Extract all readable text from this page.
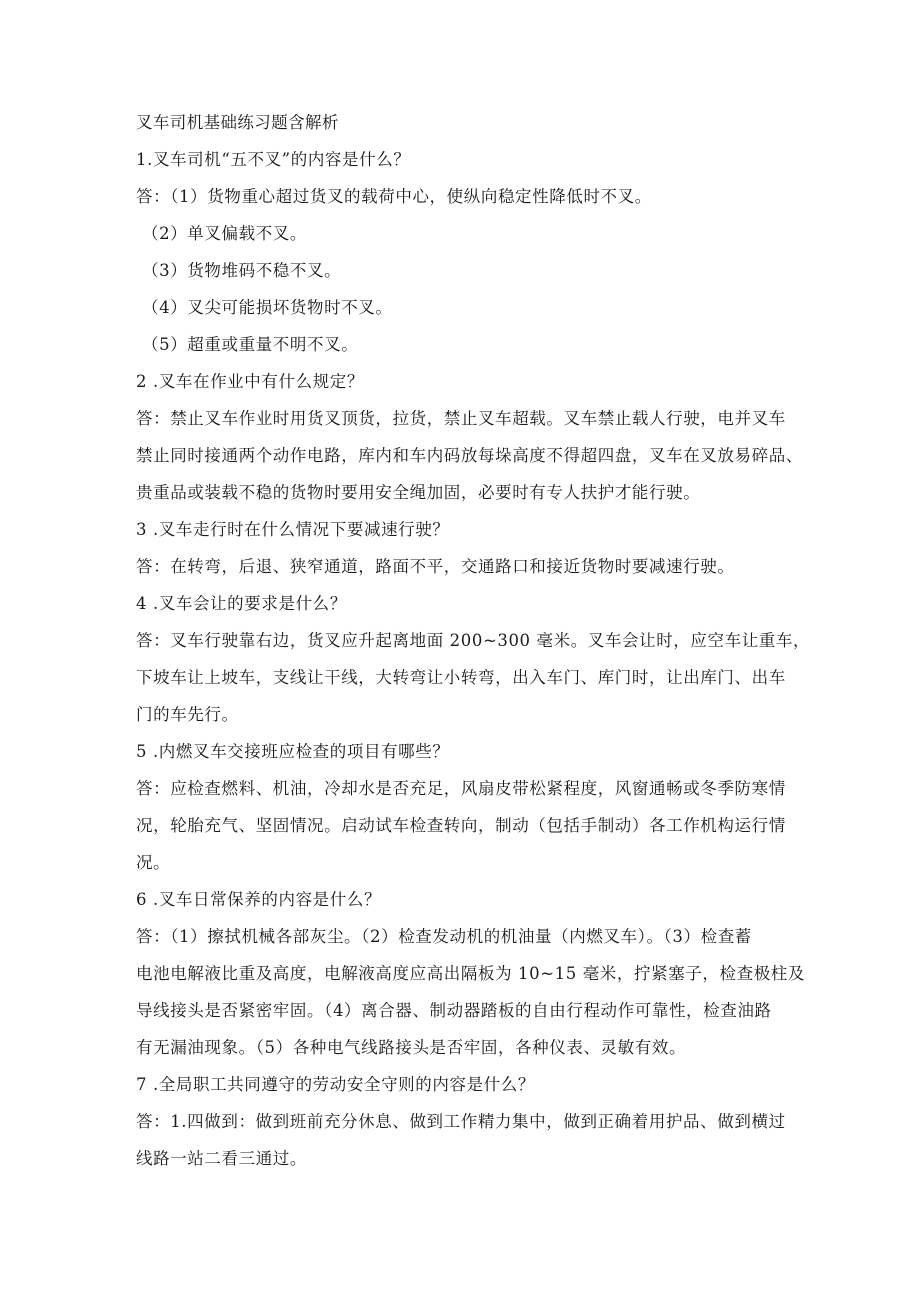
叉车司机基础练习题含解析
1.叉车司机“五不叉”的内容是什么？
答：（1）货物重心超过货叉的载荷中心，使纵向稳定性降低时不叉。
（2）单叉偏载不叉。
（3）货物堆码不稳不叉。
（4）叉尖可能损坏货物时不叉。
（5）超重或重量不明不叉。
2 .叉车在作业中有什么规定？
答：禁止叉车作业时用货叉顶货，拉货，禁止叉车超载。叉车禁止载人行驶，电并叉车
禁止同时接通两个动作电路，库内和车内码放每垛高度不得超四盘，叉车在叉放易碎品、
贵重品或装载不稳的货物时要用安全绳加固，必要时有专人扶护才能行驶。
3 .叉车走行时在什么情况下要减速行驶？
答：在转弯，后退、狭窄通道，路面不平，交通路口和接近货物时要减速行驶。
4 .叉车会让的要求是什么？
答：叉车行驶靠右边，货叉应升起离地面 200~300 毫米。叉车会让时，应空车让重车，
下坡车让上坡车，支线让干线，大转弯让小转弯，出入车门、库门时，让出库门、出车
门的车先行。
5 .内燃叉车交接班应检查的项目有哪些？
答：应检查燃料、机油，冷却水是否充足，风扇皮带松紧程度，风窗通畅或冬季防寒情
况，轮胎充气、坚固情况。启动试车检查转向，制动（包括手制动）各工作机构运行情
况。
6 .叉车日常保养的内容是什么？
答：（1）擦拭机械各部灰尘。（2）检查发动机的机油量（内燃叉车）。（3）检查蓄
电池电解液比重及高度，电解液高度应高出隔板为 10~15 毫米，拧紧塞子，检查极柱及
导线接头是否紧密牢固。（4）离合器、制动器踏板的自由行程动作可靠性，检查油路
有无漏油现象。（5）各种电气线路接头是否牢固，各种仪表、灵敏有效。
7 .全局职工共同遵守的劳动安全守则的内容是什么？
答：1.四做到：做到班前充分休息、做到工作精力集中，做到正确着用护品、做到横过
线路一站二看三通过。
